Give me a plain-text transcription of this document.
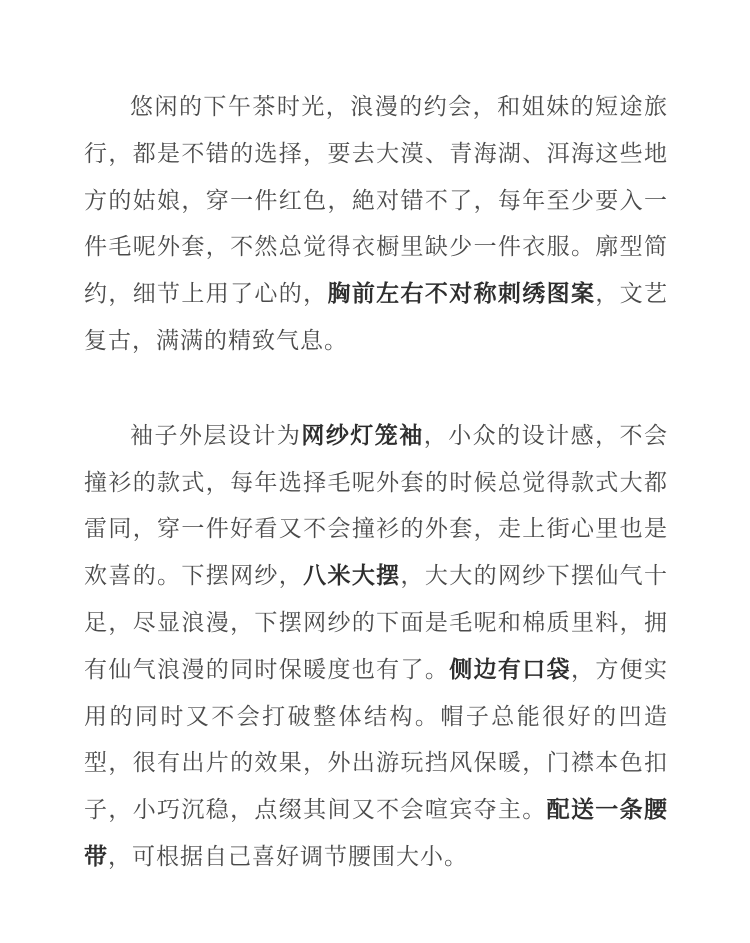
悠闲的下午茶时光，浪漫的约会，和姐妹的短途旅行，都是不错的选择，要去大漠、青海湖、洱海这些地方的姑娘，穿一件红色，絶对错不了，每年至少要入一件毛呢外套，不然总觉得衣橱里缺少一件衣服。廓型简约，细节上用了心的，胸前左右不对称刺绣图案，文艺复古，满满的精致气息。

袖子外层设计为网纱灯笼袖，小众的设计感，不会撞衫的款式，每年选择毛呢外套的时候总觉得款式大都雷同，穿一件好看又不会撞衫的外套，走上街心里也是欢喜的。下摆网纱，八米大摆，大大的网纱下摆仙气十足，尽显浪漫，下摆网纱的下面是毛呢和棉质里料，拥有仙气浪漫的同时保暖度也有了。侧边有口袋，方便实用的同时又不会打破整体结构。帽子总能很好的凹造型，很有出片的效果，外出游玩挡风保暖，门襟本色扣子，小巧沉稳，点缀其间又不会喧宾夺主。配送一条腰带，可根据自己喜好调节腰围大小。
